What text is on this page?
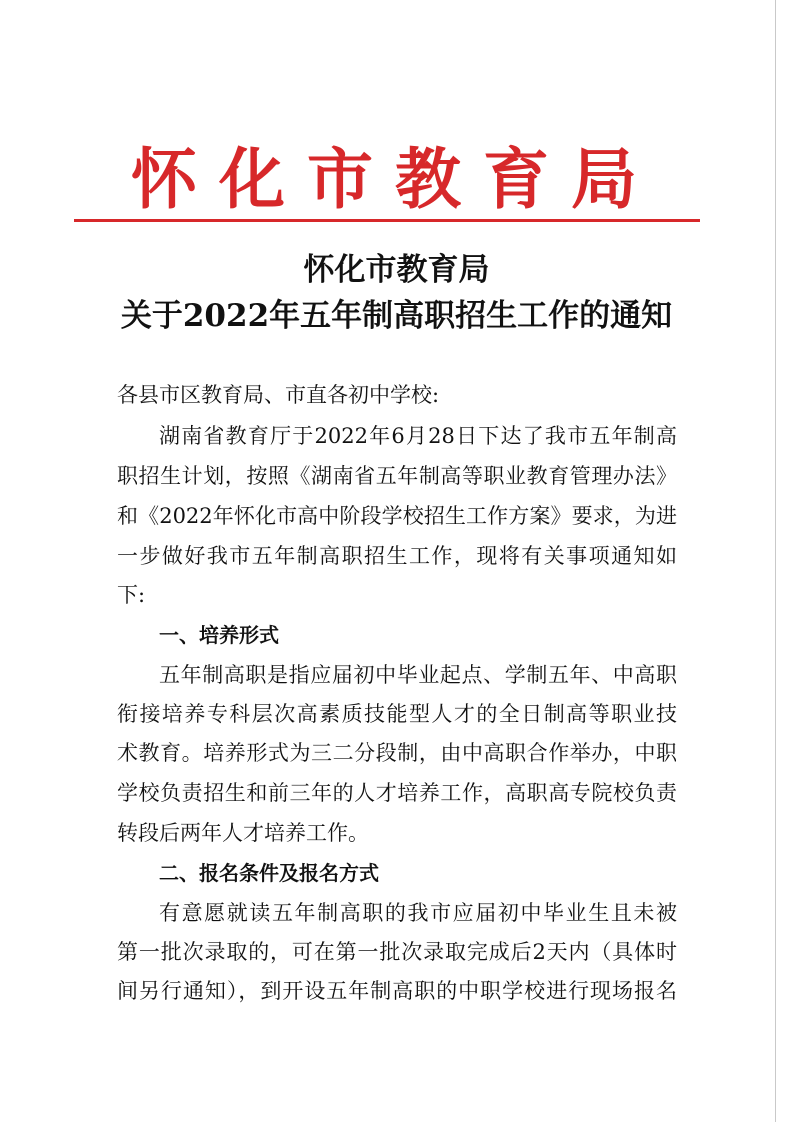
怀化市教育局
怀化市教育局
关于2022年五年制高职招生工作的通知
各县市区教育局、市直各初中学校:
湖南省教育厅于2022年6月28日下达了我市五年制高
职招生计划，按照《湖南省五年制高等职业教育管理办法》
和《2022年怀化市高中阶段学校招生工作方案》要求，为进
一步做好我市五年制高职招生工作，现将有关事项通知如
下:
一、培养形式
五年制高职是指应届初中毕业起点、学制五年、中高职
衔接培养专科层次高素质技能型人才的全日制高等职业技
术教育。培养形式为三二分段制，由中高职合作举办，中职
学校负责招生和前三年的人才培养工作，高职高专院校负责
转段后两年人才培养工作。
二、报名条件及报名方式
有意愿就读五年制高职的我市应届初中毕业生且未被
第一批次录取的，可在第一批次录取完成后2天内（具体时
间另行通知），到开设五年制高职的中职学校进行现场报名
